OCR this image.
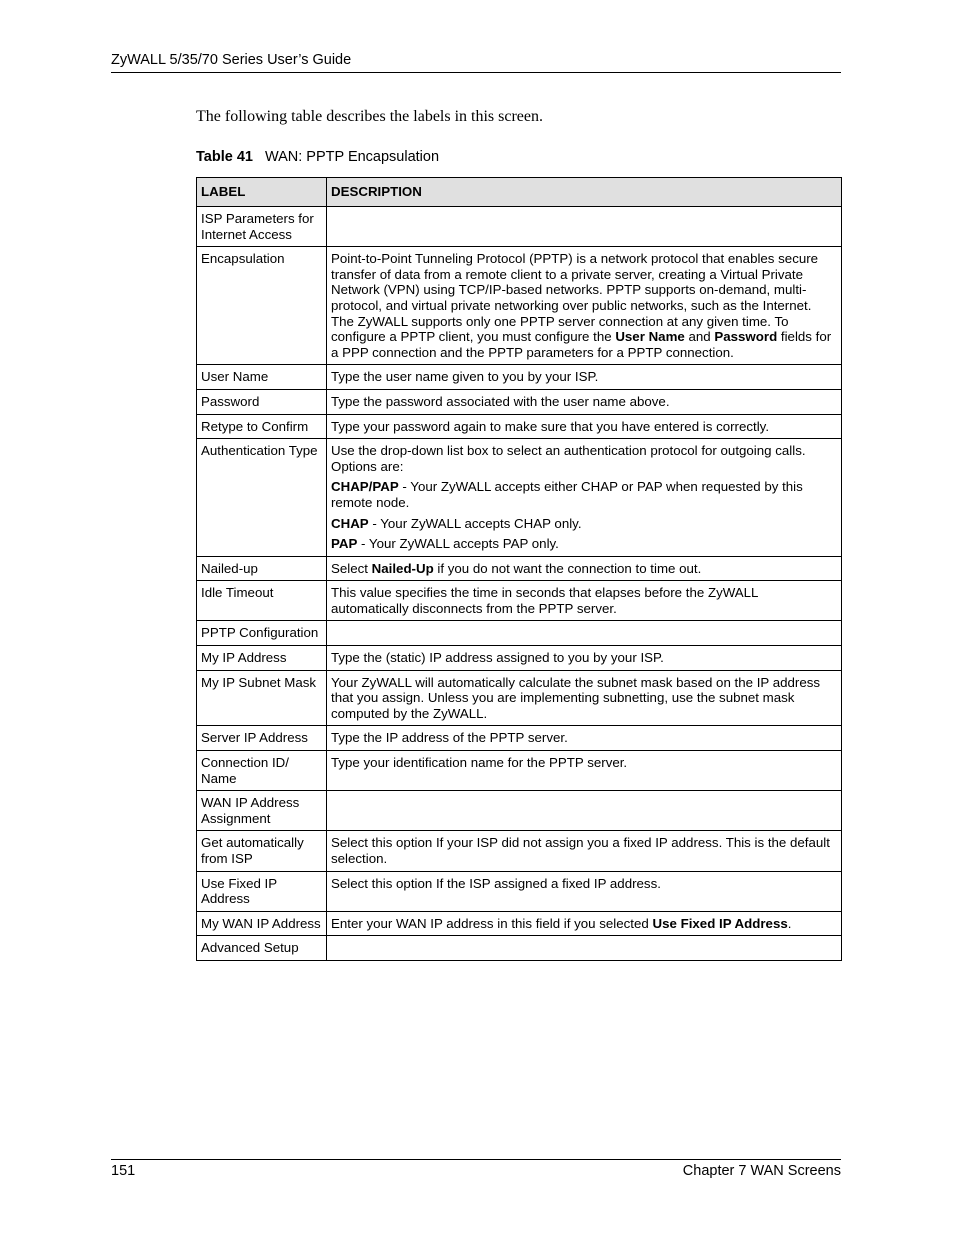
ZyWALL 5/35/70 Series User’s Guide
The following table describes the labels in this screen.
Table 41 WAN: PPTP Encapsulation
LABEL	DESCRIPTION
ISP Parameters for Internet Access	
Encapsulation	Point-to-Point Tunneling Protocol (PPTP) is a network protocol that enables secure transfer of data from a remote client to a private server, creating a Virtual Private Network (VPN) using TCP/IP-based networks. PPTP supports on-demand, multi-protocol, and virtual private networking over public networks, such as the Internet. The ZyWALL supports only one PPTP server connection at any given time. To configure a PPTP client, you must configure the User Name and Password fields for a PPP connection and the PPTP parameters for a PPTP connection.

User Name	Type the user name given to you by your ISP.

Password	Type the password associated with the user name above.

Retype to Confirm	Type your password again to make sure that you have entered is correctly.

Authentication Type	Use the drop-down list box to select an authentication protocol for outgoing calls. Options are:

CHAP/PAP - Your ZyWALL accepts either CHAP or PAP when requested by this remote node.

CHAP - Your ZyWALL accepts CHAP only.

PAP - Your ZyWALL accepts PAP only.

Nailed-up	Select Nailed-Up if you do not want the connection to time out.

Idle Timeout	This value specifies the time in seconds that elapses before the ZyWALL automatically disconnects from the PPTP server.

PPTP Configuration	
My IP Address	Type the (static) IP address assigned to you by your ISP.

My IP Subnet Mask	Your ZyWALL will automatically calculate the subnet mask based on the IP address that you assign. Unless you are implementing subnetting, use the subnet mask computed by the ZyWALL.

Server IP Address	Type the IP address of the PPTP server.

Connection ID/ Name	Type your identification name for the PPTP server.

WAN IP Address Assignment	
Get automatically from ISP	Select this option If your ISP did not assign you a fixed IP address. This is the default selection.

Use Fixed IP Address	Select this option If the ISP assigned a fixed IP address.

My WAN IP Address	Enter your WAN IP address in this field if you selected Use Fixed IP Address.

Advanced Setup	
151	Chapter 7 WAN Screens
